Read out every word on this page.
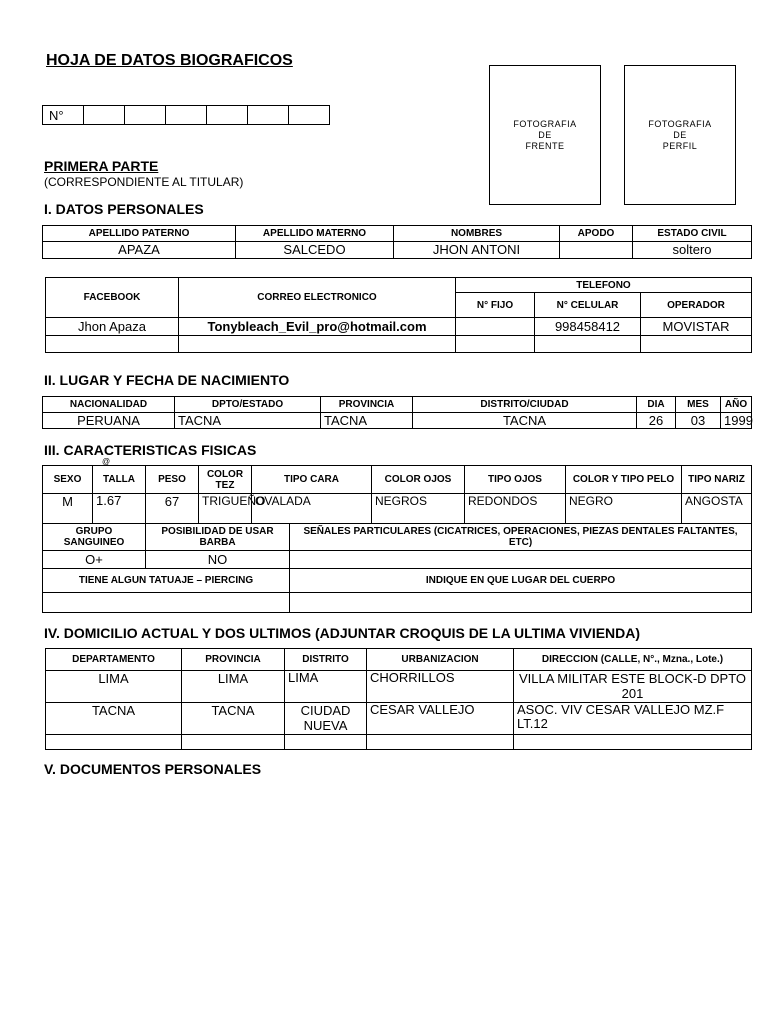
HOJA DE DATOS BIOGRAFICOS
N°						
FOTOGRAFIA
DE
FRENTE
FOTOGRAFIA
DE
PERFIL
PRIMERA PARTE
(CORRESPONDIENTE AL TITULAR)
I. DATOS PERSONALES
APELLIDO PATERNO	APELLIDO MATERNO	NOMBRES	APODO	ESTADO CIVIL
APAZA	SALCEDO	JHON ANTONI		soltero
FACEBOOK	CORREO ELECTRONICO	TELEFONO		
		N° FIJO	N° CELULAR	OPERADOR
Jhon Apaza	Tonybleach_Evil_pro@hotmail.com		998458412	MOVISTAR

II. LUGAR Y FECHA DE NACIMIENTO
NACIONALIDAD	DPTO/ESTADO	PROVINCIA	DISTRITO/CIUDAD	DIA	MES	AÑO
PERUANA	TACNA	TACNA	TACNA	26	03	1999
III. CARACTERISTICAS FISICAS
@
SEXO	TALLA	PESO	COLOR TEZ	TIPO CARA		COLOR OJOS	TIPO OJOS	COLOR Y TIPO PELO	TIPO NARIZ
M	1.67	67	TRIGUEÑO	OVALADA		NEGROS	REDONDOS	NEGRO	ANGOSTA
GRUPO SANGUINEO		POSIBILIDAD DE USAR BARBA			SEÑALES PARTICULARES (CICATRICES, OPERACIONES, PIEZAS DENTALES FALTANTES, ETC)				
O+		NO							
TIENE ALGUN TATUAJE – PIERCING					INDIQUE EN QUE LUGAR DEL CUERPO				

IV. DOMICILIO ACTUAL Y DOS ULTIMOS (ADJUNTAR CROQUIS DE LA ULTIMA VIVIENDA)
DEPARTAMENTO	PROVINCIA	DISTRITO	URBANIZACION	DIRECCION (CALLE, N°., Mzna., Lote.)
LIMA	LIMA	LIMA	CHORRILLOS	VILLA MILITAR ESTE BLOCK-D DPTO 201
TACNA	TACNA	CIUDAD NUEVA	CESAR VALLEJO	ASOC. VIV CESAR VALLEJO MZ.F LT.12

V. DOCUMENTOS PERSONALES
